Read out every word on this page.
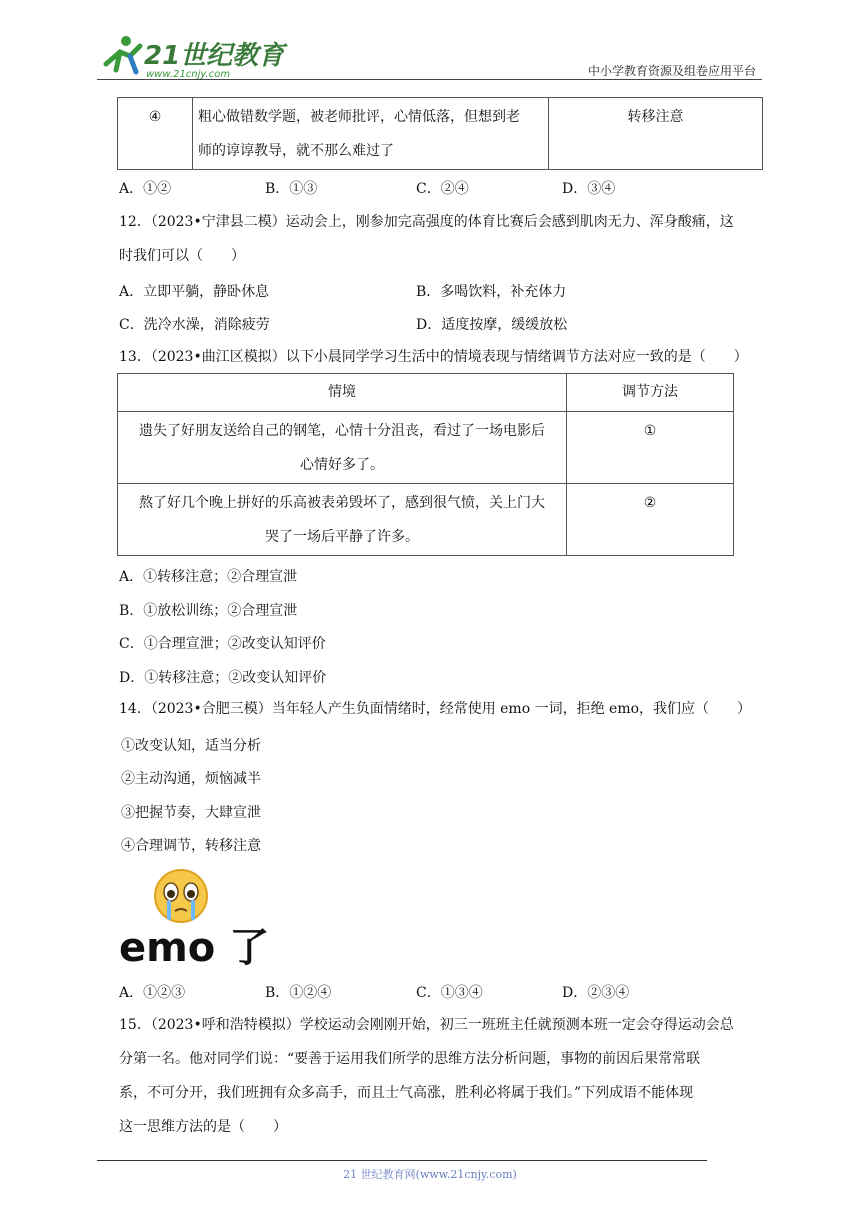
21世纪教育
www.21cnjy.com	中小学教育资源及组卷应用平台
④	粗心做错数学题，被老师批评，心情低落，但想到老
师的谆谆教导，就不那么难过了
	转移注意
A．①②	B．①③	C．②④	D．③④
12．（2023•宁津县二模）运动会上，刚参加完高强度的体育比赛后会感到肌肉无力、浑身酸痛，这
时我们可以（　　）
A．立即平躺，静卧休息	B．多喝饮料，补充体力
C．洗冷水澡，消除疲劳	D．适度按摩，缓缓放松
13．（2023•曲江区模拟）以下小晨同学学习生活中的情境表现与情绪调节方法对应一致的是（　　）
情境	调节方法

遗失了好朋友送给自己的钢笔，心情十分沮丧，看过了一场电影后
心情好多了。	①

熬了好几个晚上拼好的乐高被表弟毁坏了，感到很气愤，关上门大
哭了一场后平静了许多。	②
A．①转移注意；②合理宣泄
B．①放松训练；②合理宣泄
C．①合理宣泄；②改变认知评价
D．①转移注意；②改变认知评价
14．（2023•合肥三模）当年轻人产生负面情绪时，经常使用 emo 一词，拒绝 emo，我们应（　　）
①改变认知，适当分析
②主动沟通，烦恼减半
③把握节奏，大肆宣泄
④合理调节，转移注意
emo 了
A．①②③	B．①②④	C．①③④	D．②③④
15．（2023•呼和浩特模拟）学校运动会刚刚开始，初三一班班主任就预测本班一定会夺得运动会总
分第一名。他对同学们说：“要善于运用我们所学的思维方法分析问题，事物的前因后果常常联
系，不可分开，我们班拥有众多高手，而且士气高涨，胜利必将属于我们。”下列成语不能体现
这一思维方法的是（　　）
21 世纪教育网(www.21cnjy.com)
